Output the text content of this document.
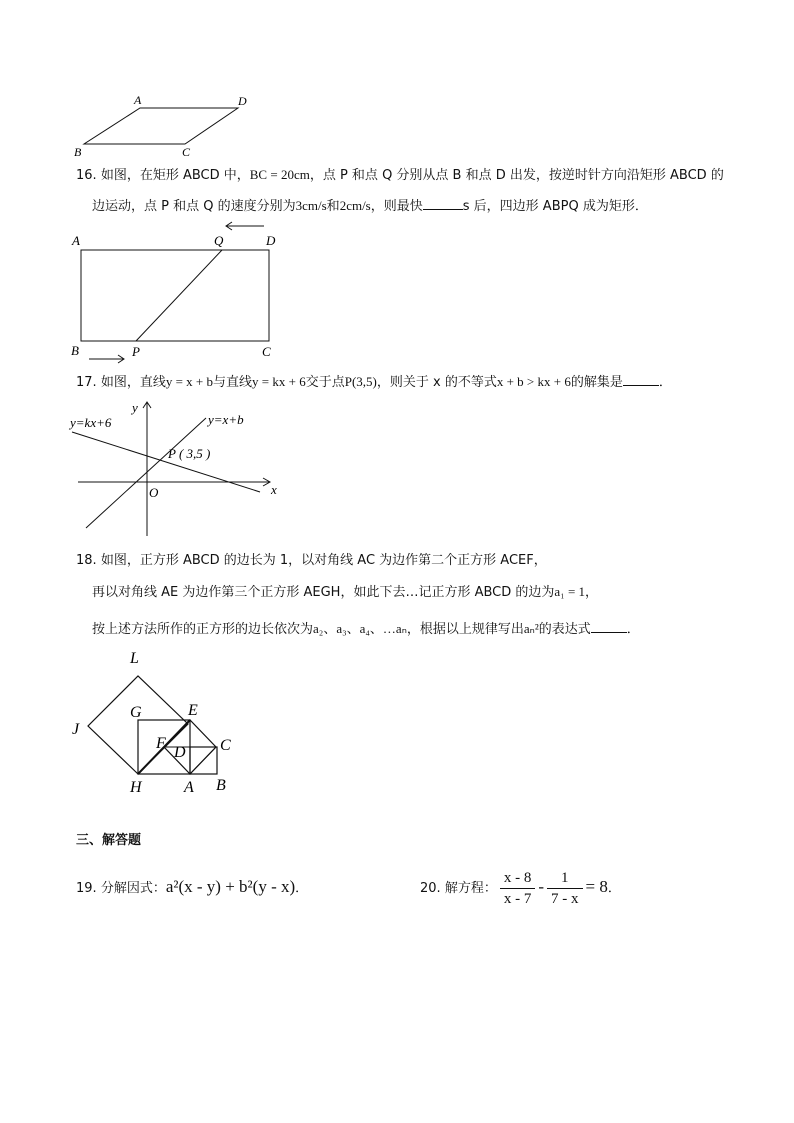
A	D
B	C
16. 如图，在矩形 ABCD 中，BC = 20cm，点 P 和点 Q 分别从点 B 和点 D 出发，按逆时针方向沿矩形 ABCD 的
边运动，点 P 和点 Q 的速度分别为3cm/s和2cm/s，则最快	s 后，四边形 ABPQ 成为矩形．
A	Q	D
B	P	C
17. 如图，直线y = x + b与直线y = kx + 6交于点P(3,5)，则关于 x 的不等式x + b > kx + 6的解集是	．
y=kx+6
y
y=x+b
P ( 3,5 )
O	x
18. 如图，正方形 ABCD 的边长为 1，以对角线 AC 为边作第二个正方形 ACEF，
再以对角线 AE 为边作第三个正方形 AEGH，如此下去…记正方形 ABCD 的边为a₁ = 1，
按上述方法所作的正方形的边长依次为a₂、a₃、a₄、…aₙ，根据以上规律写出aₙ²的表达式	．
L
G	E
J
F
D C
H	A B
三、解答题
19. 分解因式：a²(x - y) + b²(y - x)．	20. 解方程： $\frac{x - 8}{x - 7} - \frac{1}{7 - x} = 8$．
